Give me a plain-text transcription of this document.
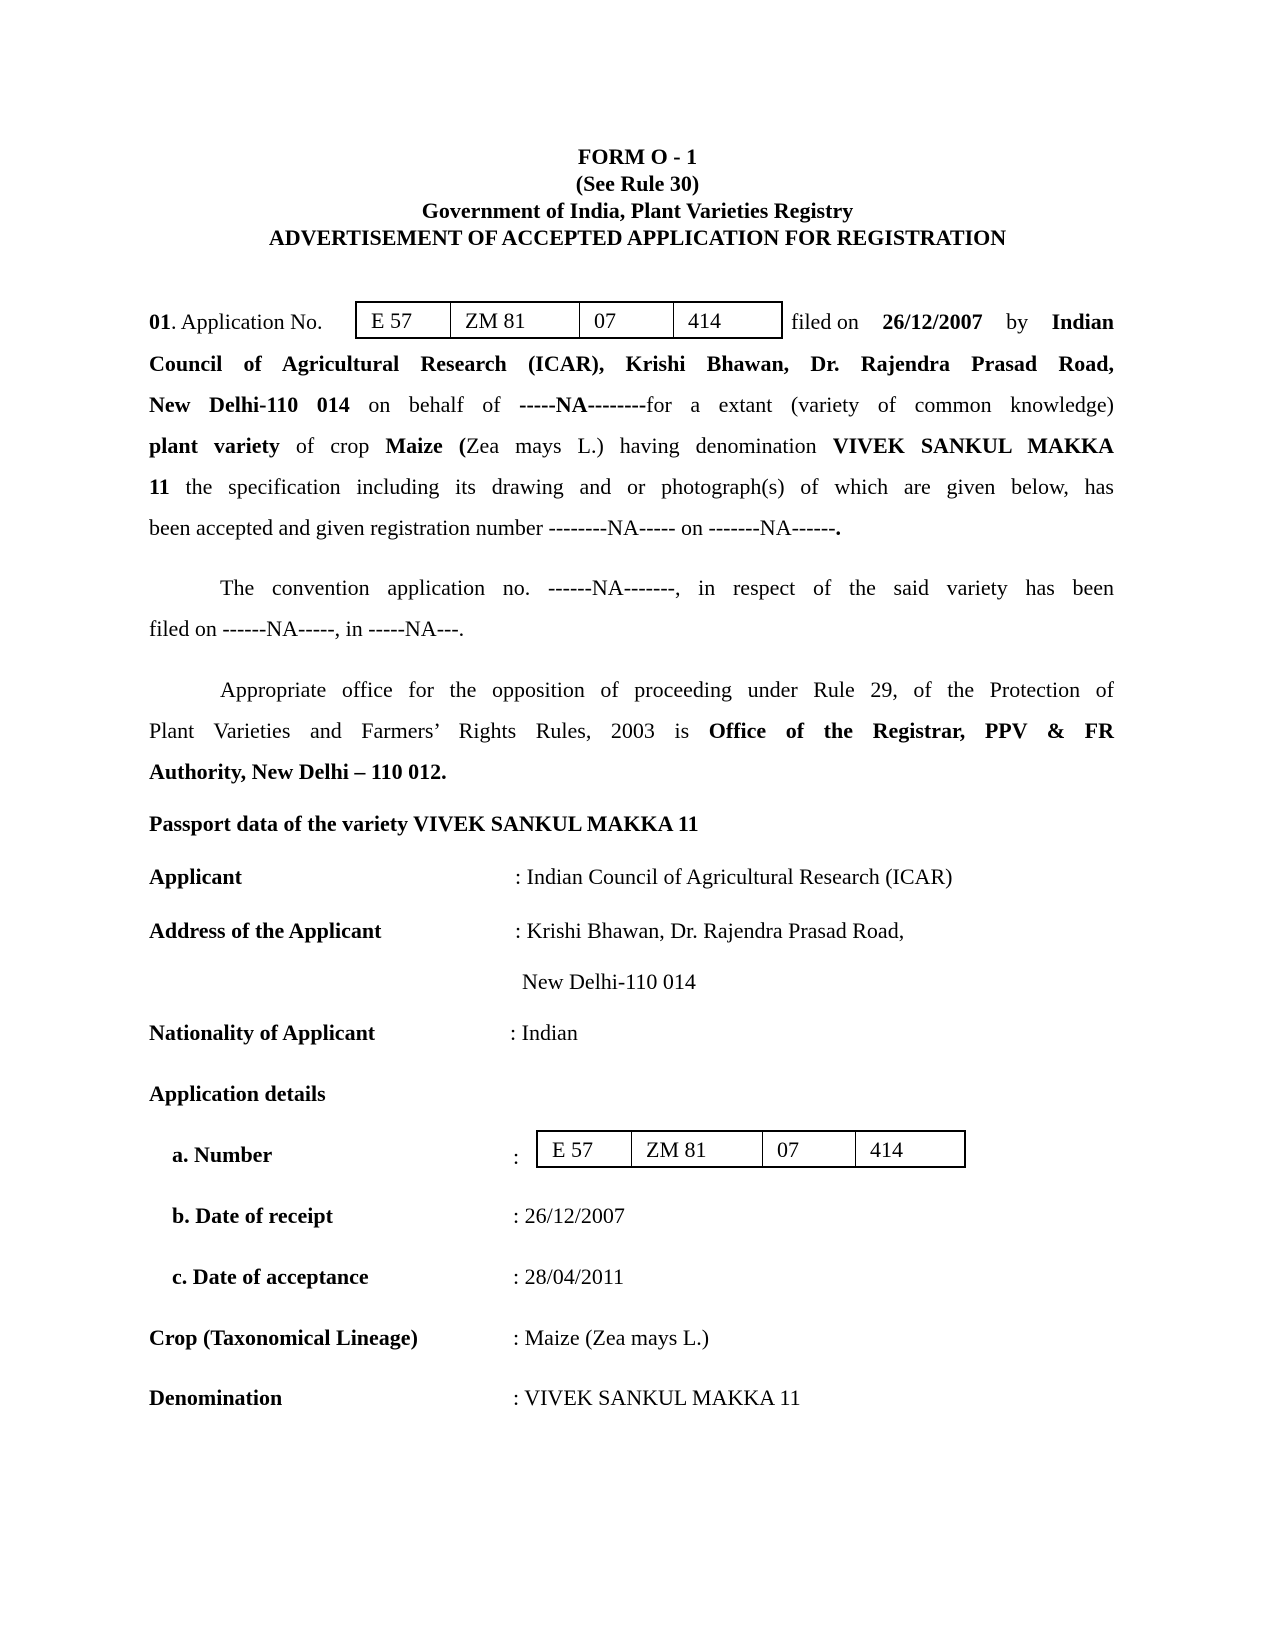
FORM O - 1
(See Rule 30)
Government of India, Plant Varieties Registry
ADVERTISEMENT OF ACCEPTED APPLICATION FOR REGISTRATION
01. Application No.	E 57	ZM 81	07	414	filed on 26/12/2007 by Indian
Council of Agricultural Research (ICAR), Krishi Bhawan, Dr. Rajendra Prasad Road,
New Delhi-110 014 on behalf of -----NA--------for a extant (variety of common knowledge)
plant variety of crop Maize (Zea mays L.) having denomination VIVEK SANKUL MAKKA
11 the specification including its drawing and or photograph(s) of which are given below, has
been accepted and given registration number --------NA----- on -------NA------.
The convention application no. ------NA-------, in respect of the said variety has been
filed on ------NA-----, in -----NA---.
Appropriate office for the opposition of proceeding under Rule 29, of the Protection of
Plant Varieties and Farmers’ Rights Rules, 2003 is Office of the Registrar, PPV & FR
Authority, New Delhi – 110 012.
Passport data of the variety VIVEK SANKUL MAKKA 11
Applicant	: Indian Council of Agricultural Research (ICAR)
Address of the Applicant	: Krishi Bhawan, Dr. Rajendra Prasad Road,
New Delhi-110 014
Nationality of Applicant	: Indian
Application details
a. Number	:	E 57	ZM 81	07	414
b. Date of receipt	: 26/12/2007
c. Date of acceptance	: 28/04/2011
Crop (Taxonomical Lineage)	: Maize (Zea mays L.)
Denomination	: VIVEK SANKUL MAKKA 11
